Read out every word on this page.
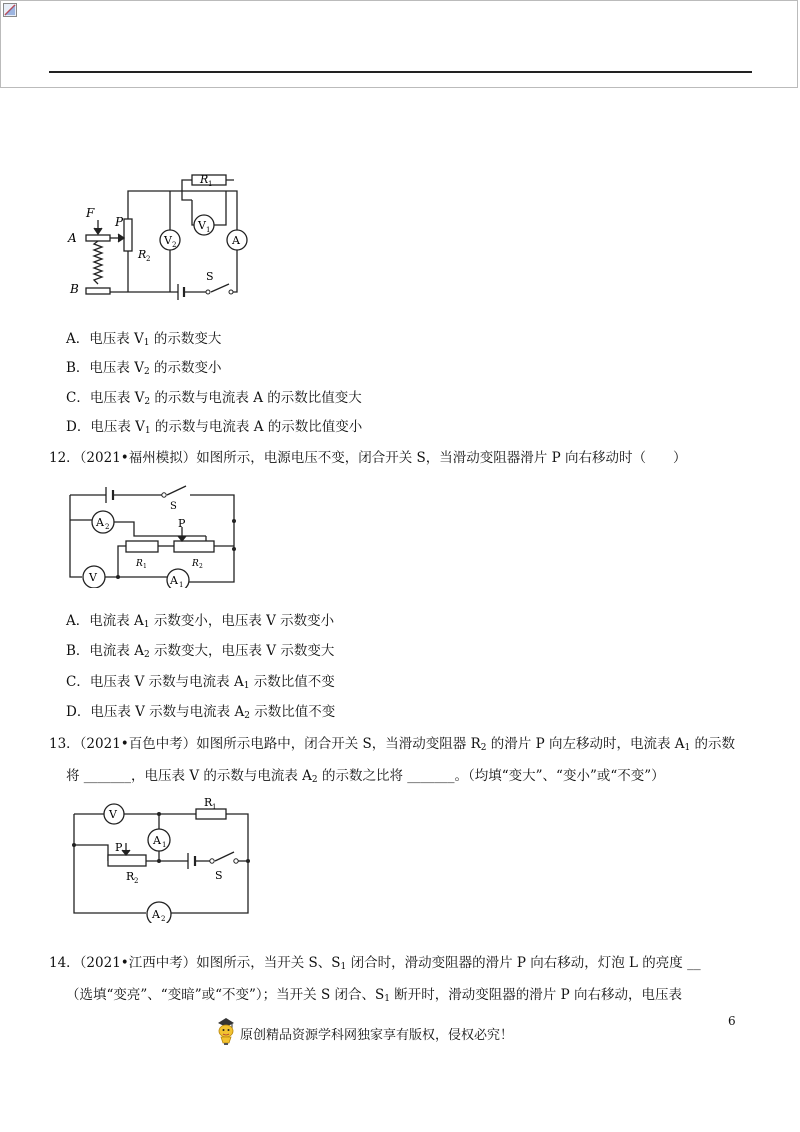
F
A
B
P
R 1
R 2
V 1
V 2	A
S
A．电压表 $V_1$ 的示数变大
B．电压表 $V_2$ 的示数变小
C．电压表 $V_2$ 的示数与电流表 A 的示数比值变大
D．电压表 $V_1$ 的示数与电流表 A 的示数比值变小
12．（2021•福州模拟）如图所示，电源电压不变，闭合开关 S，当滑动变阻器滑片 P 向右移动时（　　）
S
A 2	P
V	A 1
R 1	R 2
A．电流表 $A_1$ 示数变小，电压表 V 示数变小
B．电流表 $A_2$ 示数变大，电压表 V 示数变大
C．电压表 V 示数与电流表 $A_1$ 示数比值不变
D．电压表 V 示数与电流表 $A_2$ 示数比值不变
13．（2021•百色中考）如图所示电路中，闭合开关 S，当滑动变阻器 $R_2$ 的滑片 P 向左移动时，电流表 $A_1$ 的示数
将 _______，电压表 V 的示数与电流表 $A_2$ 的示数之比将 _______。（均填“变大”、“变小”或“不变”）
V
R 1
A 1
P
R 2	S
A 2
14．（2021•江西中考）如图所示，当开关 S、$S_1$ 闭合时，滑动变阻器的滑片 P 向右移动，灯泡 L 的亮度 __
（选填“变亮”、“变暗”或“不变”）；当开关 S 闭合、$S_1$ 断开时，滑动变阻器的滑片 P 向右移动，电压表
6
原创精品资源学科网独家享有版权，侵权必究！
